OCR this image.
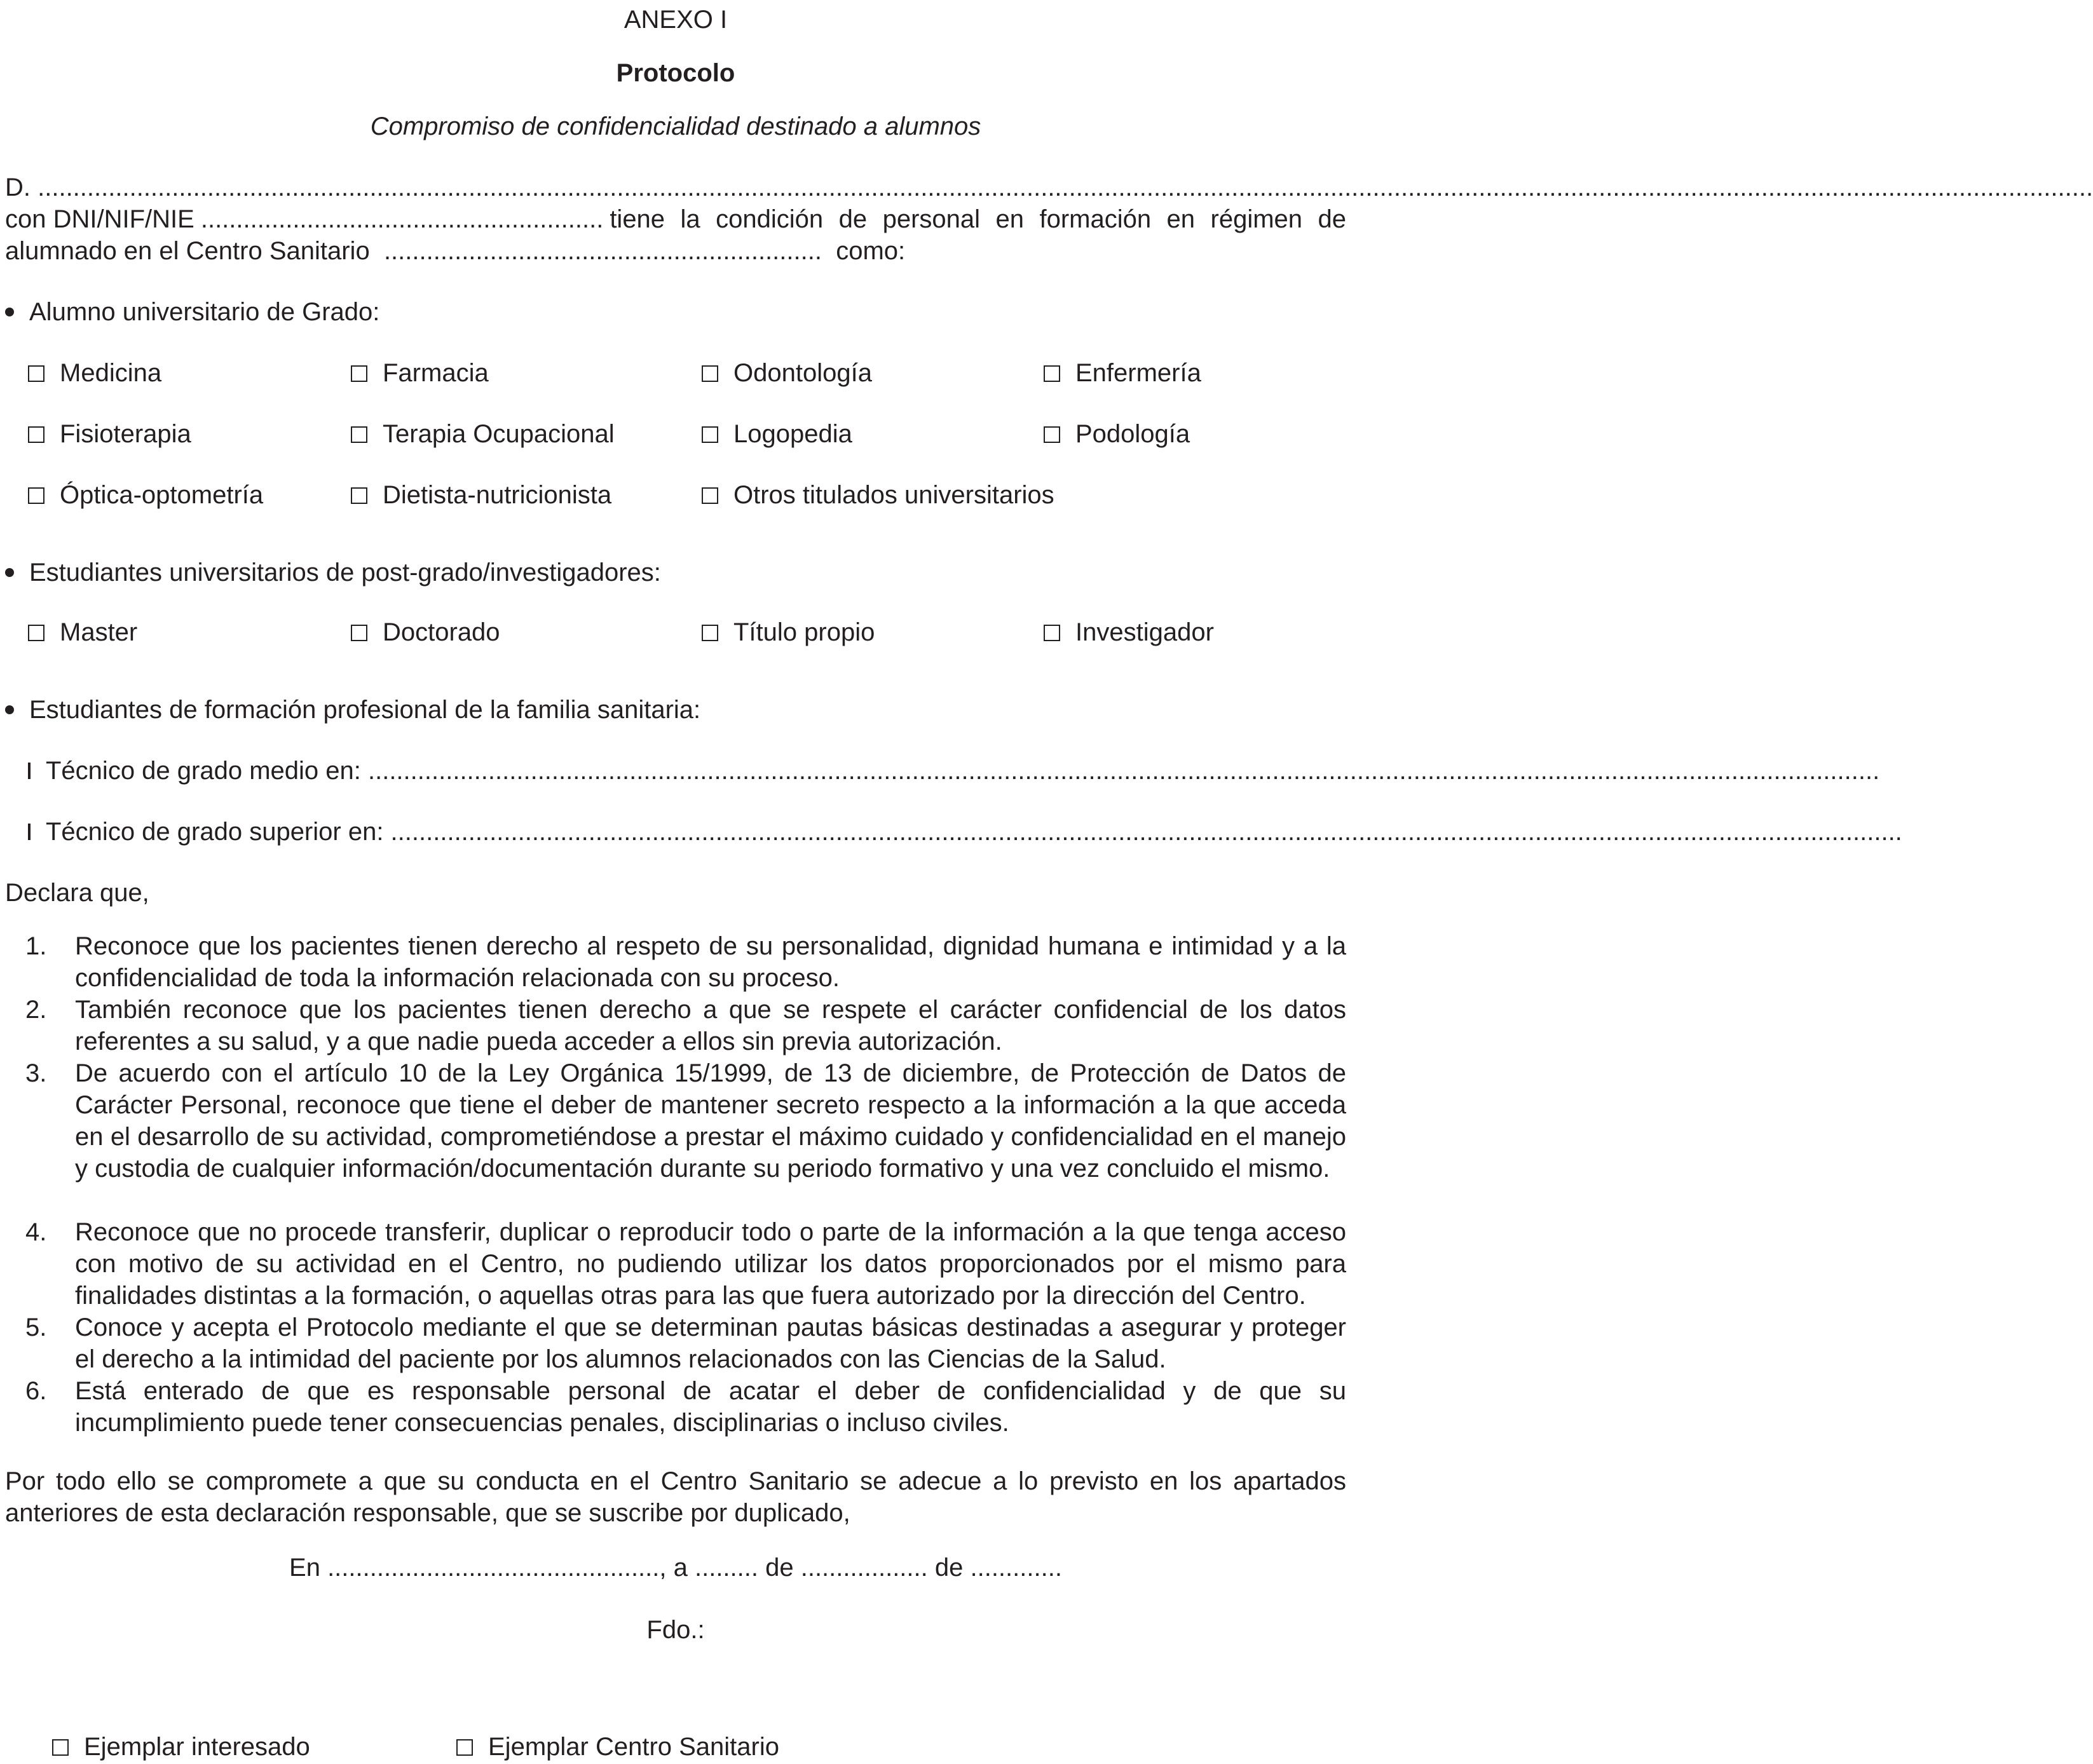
ANEXO I
Protocolo
Compromiso de confidencialidad destinado a alumnos
D. ...................................................................................................................................................................................................................................................................................................
con DNI/NIF/NIE ......................................................... tiene la condición de personal en formación en régimen de
alumnado en el Centro Sanitario  ..............................................................  como:
Alumno universitario de Grado:
Medicina	Farmacia	Odontología	Enfermería
Fisioterapia	Terapia Ocupacional	Logopedia	Podología
Óptica-optometría	Dietista-nutricionista	Otros titulados universitarios
Estudiantes universitarios de post-grado/investigadores:
Master	Doctorado	Título propio	Investigador
Estudiantes de formación profesional de la familia sanitaria:
Técnico de grado medio en: ......................................................................................................................................................................................................................
Técnico de grado superior en: ......................................................................................................................................................................................................................
Declara que,
1. Reconoce que los pacientes tienen derecho al respeto de su personalidad, dignidad humana e intimidad y a la confidencialidad de toda la información relacionada con su proceso.
2. También reconoce que los pacientes tienen derecho a que se respete el carácter confidencial de los datos referentes a su salud, y a que nadie pueda acceder a ellos sin previa autorización.
3. De acuerdo con el artículo 10 de la Ley Orgánica 15/1999, de 13 de diciembre, de Protección de Datos de Carácter Personal, reconoce que tiene el deber de mantener secreto respecto a la información a la que acceda en el desarrollo de su actividad, comprometiéndose a prestar el máximo cuidado y confidencialidad en el manejo y custodia de cualquier información/documentación durante su periodo formativo y una vez concluido el mismo.
4. Reconoce que no procede transferir, duplicar o reproducir todo o parte de la información a la que tenga acceso con motivo de su actividad en el Centro, no pudiendo utilizar los datos proporcionados por el mismo para finalidades distintas a la formación, o aquellas otras para las que fuera autorizado por la dirección del Centro.
5. Conoce y acepta el Protocolo mediante el que se determinan pautas básicas destinadas a asegurar y proteger el derecho a la intimidad del paciente por los alumnos relacionados con las Ciencias de la Salud.
6. Está enterado de que es responsable personal de acatar el deber de confidencialidad y de que su incumplimiento puede tener consecuencias penales, disciplinarias o incluso civiles.
Por todo ello se compromete a que su conducta en el Centro Sanitario se adecue a lo previsto en los apartados anteriores de esta declaración responsable, que se suscribe por duplicado,
En ..............................................., a ......... de .................. de .............
Fdo.:
Ejemplar interesado	Ejemplar Centro Sanitario
